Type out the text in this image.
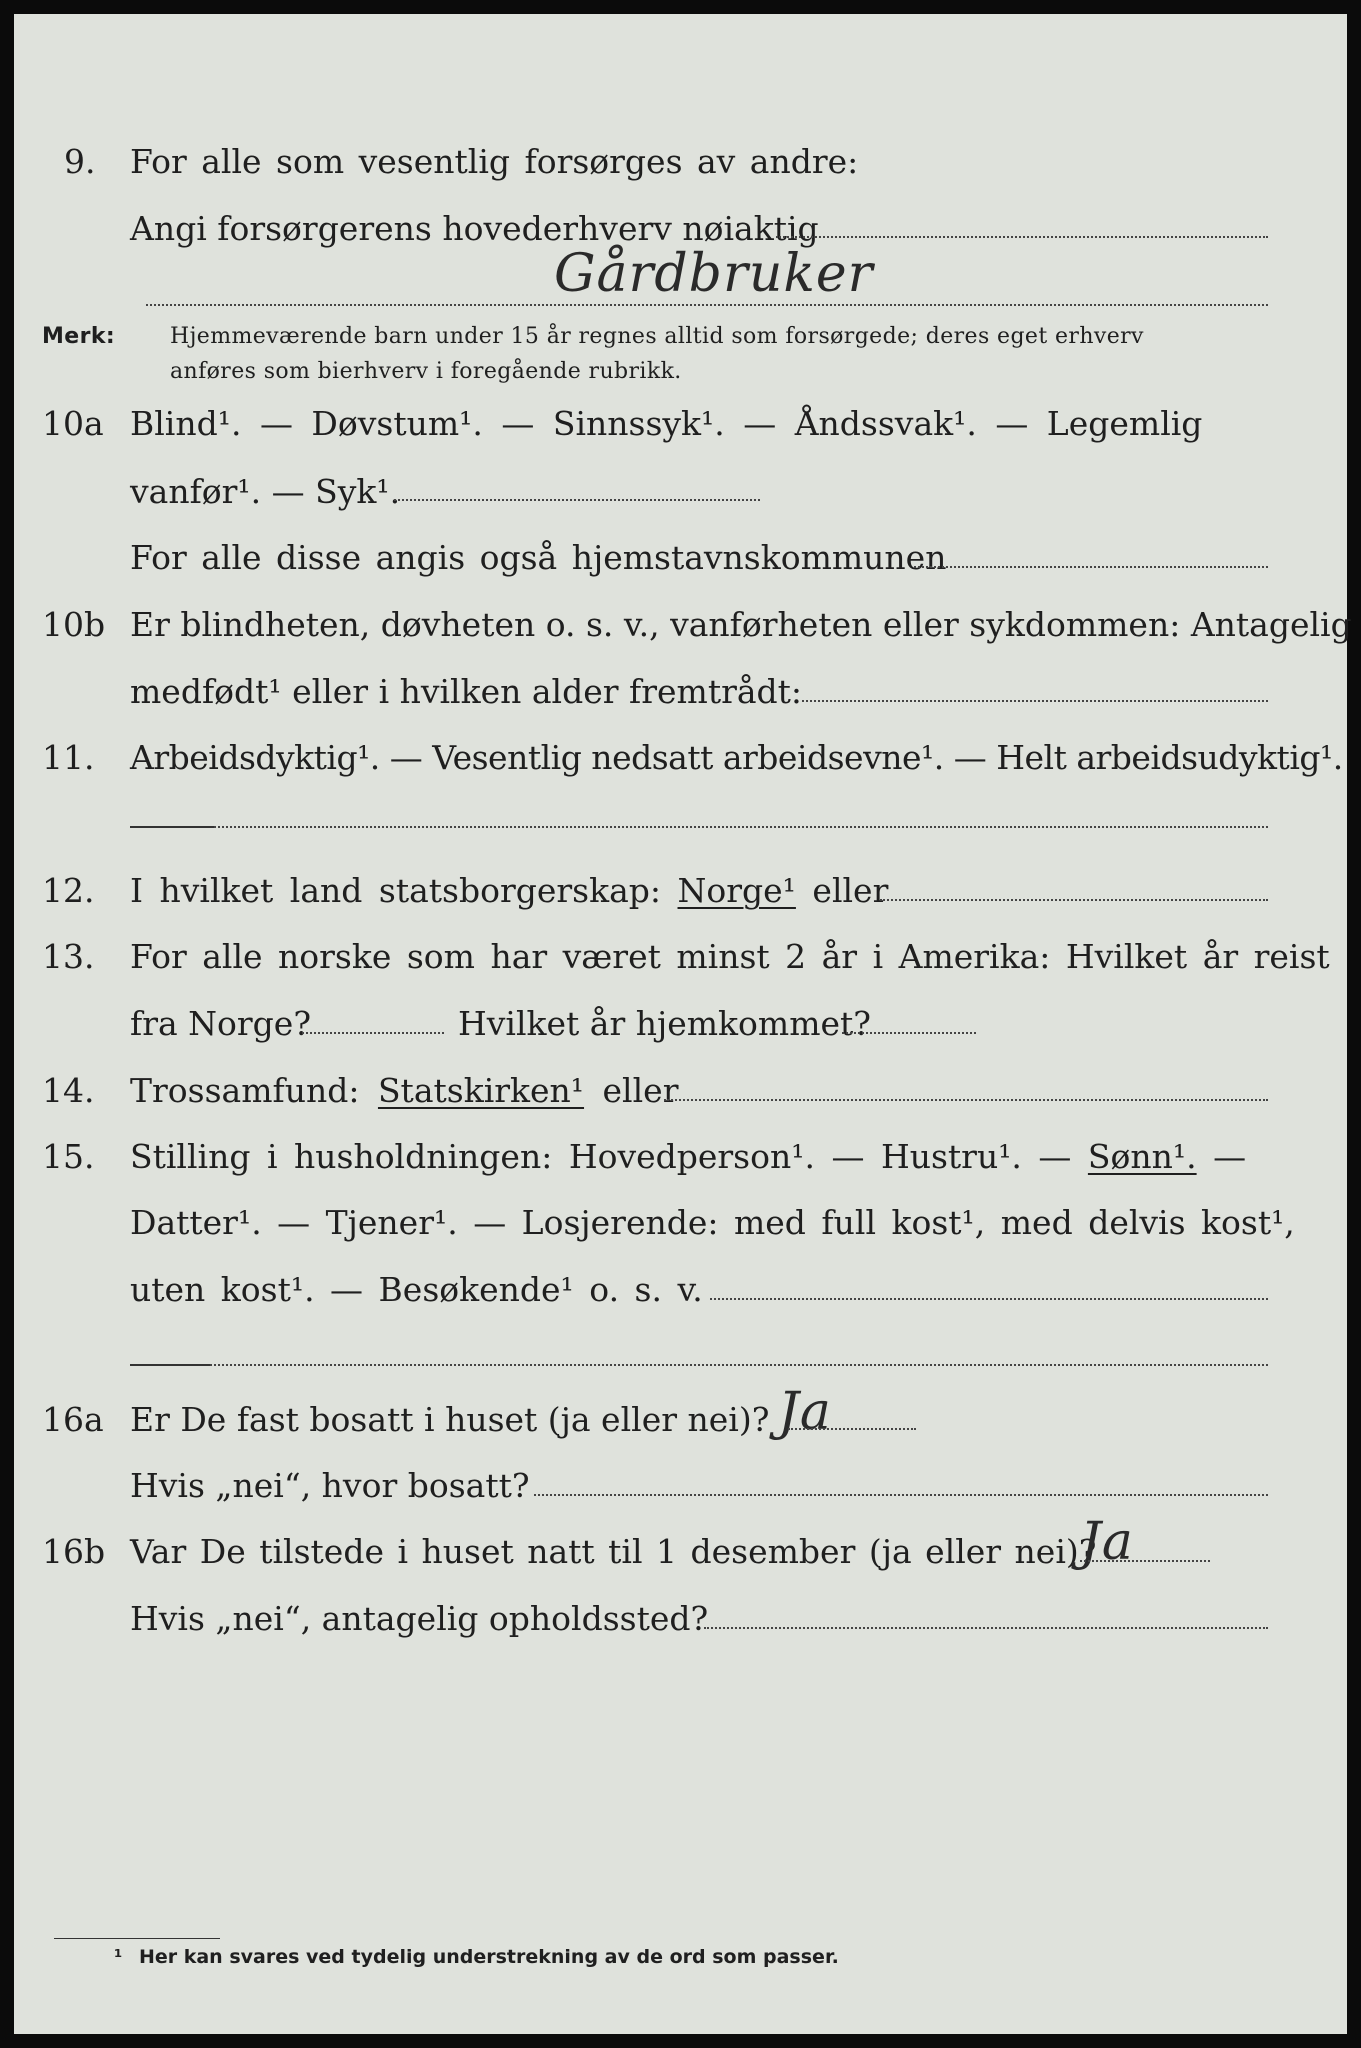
9. For alle som vesentlig forsørges av andre:
Angi forsørgerens hovederhverv nøiaktig
Gårdbruker
Merk: Hjemmeværende barn under 15 år regnes alltid som forsørgede; deres eget erhverv
anføres som bierhverv i foregående rubrikk.
10a Blind¹. — Døvstum¹. — Sinnssyk¹. — Åndssvak¹. — Legemlig
vanfør¹. — Syk¹.
For alle disse angis også hjemstavnskommunen
10b Er blindheten, døvheten o. s. v., vanførheten eller sykdommen: Antagelig
medfødt¹ eller i hvilken alder fremtrådt:
11. Arbeidsdyktig¹. — Vesentlig nedsatt arbeidsevne¹. — Helt arbeidsudyktig¹.
12. I hvilket land statsborgerskap: Norge¹ eller
13. For alle norske som har været minst 2 år i Amerika: Hvilket år reist
fra Norge?	Hvilket år hjemkommet?
14. Trossamfund: Statskirken¹ eller
15. Stilling i husholdningen: Hovedperson¹. — Hustru¹. — Sønn¹. —
Datter¹. — Tjener¹. — Losjerende: med full kost¹, med delvis kost¹,
uten kost¹. — Besøkende¹ o. s. v.
16a Er De fast bosatt i huset (ja eller nei)? Ja
Hvis „nei“, hvor bosatt?
16b Var De tilstede i huset natt til 1 desember (ja eller nei)?
Ja
Hvis „nei“, antagelig opholdssted?
¹ Her kan svares ved tydelig understrekning av de ord som passer.
